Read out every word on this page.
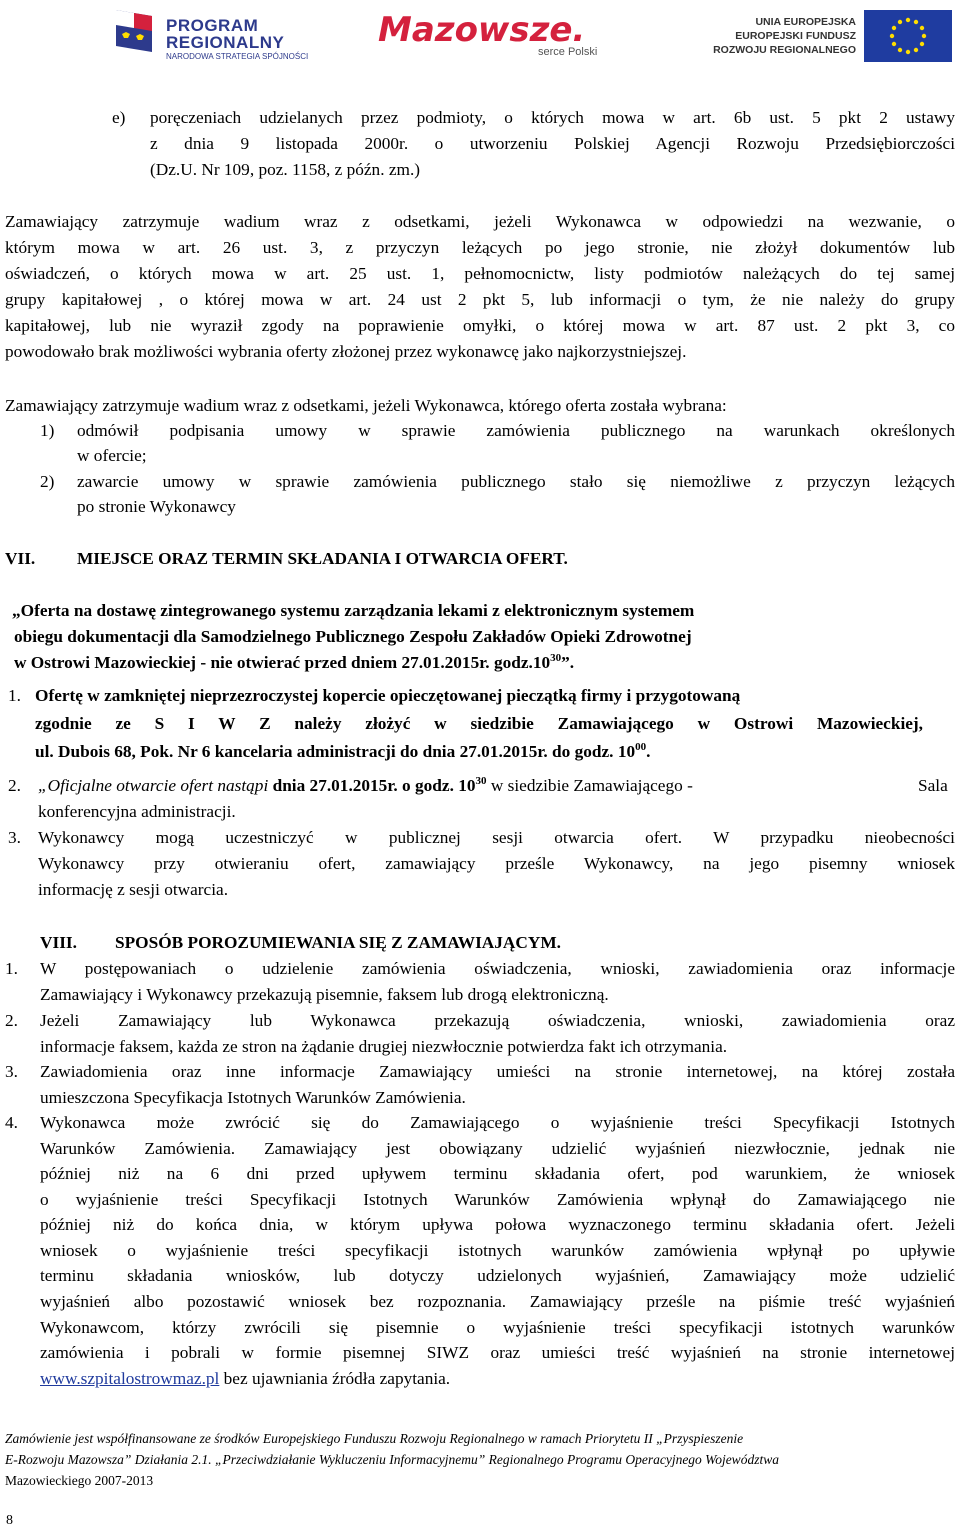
PROGRAM
REGIONALNY
NARODOWA STRATEGIA SPÓJNOŚCI
Mazowsze.
serce Polski
UNIA EUROPEJSKA
EUROPEJSKI FUNDUSZ
ROZWOJU REGIONALNEGO
e) poręczeniach udzielanych przez podmioty, o których mowa w art. 6b ust. 5 pkt 2 ustawy
z dnia 9 listopada 2000r. o utworzeniu Polskiej Agencji Rozwoju Przedsiębiorczości
(Dz.U. Nr 109, poz. 1158, z późn. zm.)
Zamawiający zatrzymuje wadium wraz z odsetkami, jeżeli Wykonawca w odpowiedzi na wezwanie, o
którym mowa w art. 26 ust. 3, z przyczyn leżących po jego stronie, nie złożył dokumentów lub
oświadczeń, o których mowa w art. 25 ust. 1, pełnomocnictw, listy podmiotów należących do tej samej
grupy kapitałowej , o której mowa w art. 24 ust 2 pkt 5, lub informacji o tym, że nie należy do grupy
kapitałowej, lub nie wyraził zgody na poprawienie omyłki, o której mowa w art. 87 ust. 2 pkt 3, co
powodowało brak możliwości wybrania oferty złożonej przez wykonawcę jako najkorzystniejszej.
Zamawiający zatrzymuje wadium wraz z odsetkami, jeżeli Wykonawca, którego oferta została wybrana:
1) odmówił podpisania umowy w sprawie zamówienia publicznego na warunkach określonych
w ofercie;
2) zawarcie umowy w sprawie zamówienia publicznego stało się niemożliwe z przyczyn leżących
po stronie Wykonawcy
VII. MIEJSCE ORAZ TERMIN SKŁADANIA I OTWARCIA OFERT.
„Oferta na dostawę zintegrowanego systemu zarządzania lekami z elektronicznym systemem
obiegu dokumentacji dla Samodzielnego Publicznego Zespołu Zakładów Opieki Zdrowotnej
w Ostrowi Mazowieckiej - nie otwierać przed dniem 27.01.2015r. $godz.10^{30}$”.
1. Ofertę w zamkniętej nieprzezroczystej kopercie opieczętowanej pieczątką firmy i przygotowaną
zgodnie ze S I W Z należy złożyć w siedzibie Zamawiającego w Ostrowi Mazowieckiej,
ul. Dubois 68, Pok. Nr 6 kancelaria administracji do dnia 27.01.2015r. do godz. $10^{00}$.
2. „Oficjalne otwarcie ofert nastąpi dnia 27.01.2015r. o godz. $10^{30}$ w siedzibie Zamawiającego -	Sala
konferencyjna administracji.
3. Wykonawcy mogą uczestniczyć w publicznej sesji otwarcia ofert. W przypadku nieobecności
Wykonawcy przy otwieraniu ofert, zamawiający prześle Wykonawcy, na jego pisemny wniosek
informację z sesji otwarcia.
VIII. SPOSÓB POROZUMIEWANIA SIĘ Z ZAMAWIAJĄCYM.
1. W postępowaniach o udzielenie zamówienia oświadczenia, wnioski, zawiadomienia oraz informacje
Zamawiający i Wykonawcy przekazują pisemnie, faksem lub drogą elektroniczną.
2. Jeżeli Zamawiający lub Wykonawca przekazują oświadczenia, wnioski, zawiadomienia oraz
informacje faksem, każda ze stron na żądanie drugiej niezwłocznie potwierdza fakt ich otrzymania.
3. Zawiadomienia oraz inne informacje Zamawiający umieści na stronie internetowej, na której została
umieszczona Specyfikacja Istotnych Warunków Zamówienia.
4. Wykonawca może zwrócić się do Zamawiającego o wyjaśnienie treści Specyfikacji Istotnych
Warunków Zamówienia. Zamawiający jest obowiązany udzielić wyjaśnień niezwłocznie, jednak nie
później niż na 6 dni przed upływem terminu składania ofert, pod warunkiem, że wniosek
o wyjaśnienie treści Specyfikacji Istotnych Warunków Zamówienia wpłynął do Zamawiającego nie
później niż do końca dnia, w którym upływa połowa wyznaczonego terminu składania ofert. Jeżeli
wniosek o wyjaśnienie treści specyfikacji istotnych warunków zamówienia wpłynął po upływie
terminu składania wniosków, lub dotyczy udzielonych wyjaśnień, Zamawiający może udzielić
wyjaśnień albo pozostawić wniosek bez rozpoznania. Zamawiający prześle na piśmie treść wyjaśnień
Wykonawcom, którzy zwrócili się pisemnie o wyjaśnienie treści specyfikacji istotnych warunków
zamówienia i pobrali w formie pisemnej SIWZ oraz umieści treść wyjaśnień na stronie internetowej
www.szpitalostrowmaz.pl bez ujawniania źródła zapytania.
Zamówienie jest współfinansowane ze środków Europejskiego Funduszu Rozwoju Regionalnego w ramach Priorytetu II „Przyspieszenie
E-Rozwoju Mazowsza” Działania 2.1. „Przeciwdziałanie Wykluczeniu Informacyjnemu” Regionalnego Programu Operacyjnego Województwa
Mazowieckiego 2007-2013
8
